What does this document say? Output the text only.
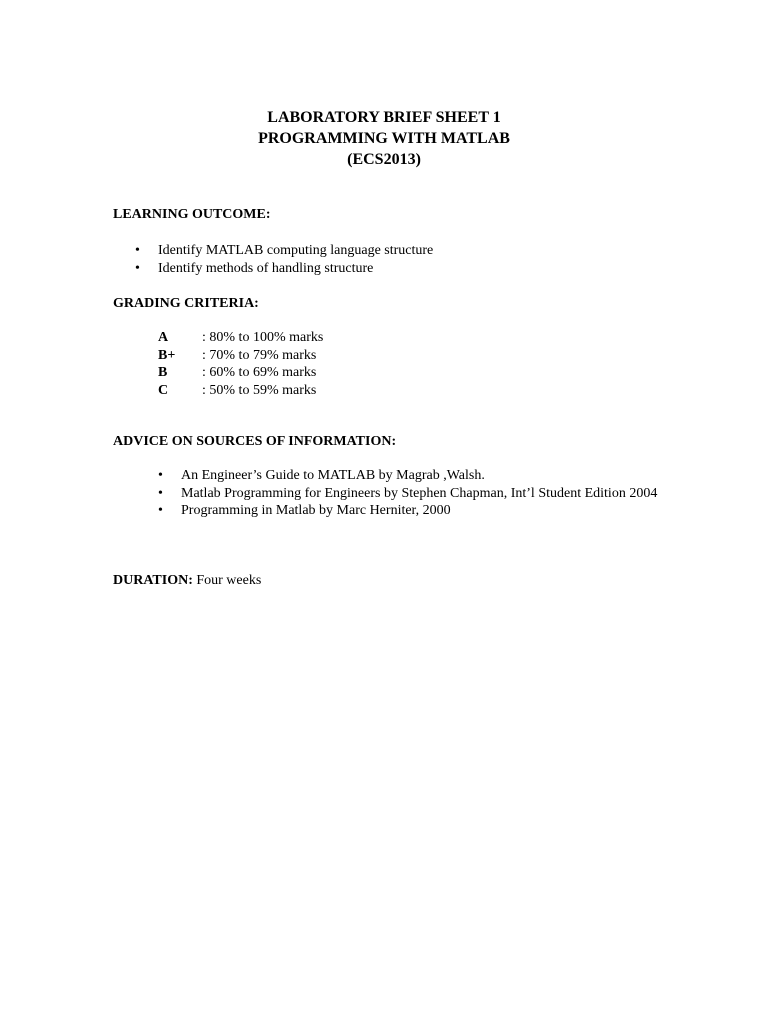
LABORATORY BRIEF SHEET 1
PROGRAMMING WITH MATLAB
(ECS2013)
LEARNING OUTCOME:
• Identify MATLAB computing language structure
• Identify methods of handling structure
GRADING CRITERIA:
A	: 80% to 100% marks
B+	: 70% to 79% marks
B	: 60% to 69% marks
C	: 50% to 59% marks
ADVICE ON SOURCES OF INFORMATION:
• An Engineer’s Guide to MATLAB by Magrab ,Walsh.
• Matlab Programming for Engineers by Stephen Chapman, Int’l Student Edition 2004
• Programming in Matlab by Marc Herniter, 2000
DURATION: Four weeks
